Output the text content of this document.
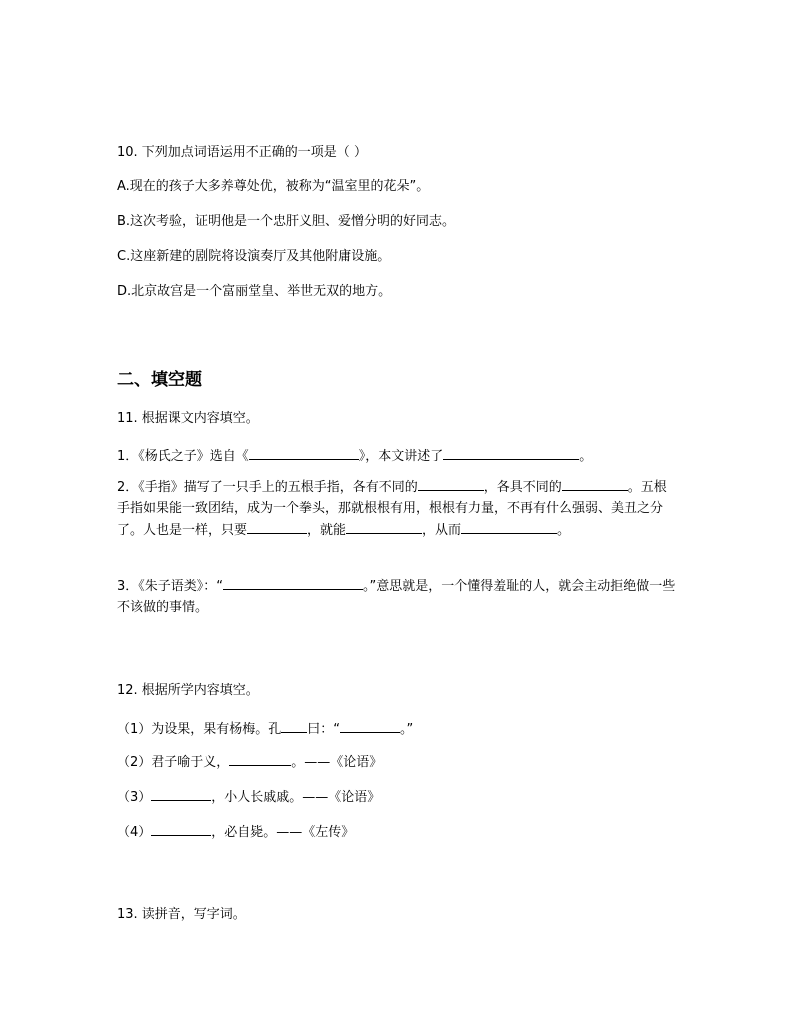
10. 下列加点词语运用不正确的一项是（ ）
A.现在的孩子大多养尊处优，被称为“温室里的花朵”。
B.这次考验，证明他是一个忠肝义胆、爱憎分明的好同志。
C.这座新建的剧院将设演奏厅及其他附庸设施。
D.北京故宫是一个富丽堂皇、举世无双的地方。
二、填空题
11. 根据课文内容填空。
1．《杨氏之子》选自《	》，本文讲述了	。
2．《手指》描写了一只手上的五根手指，各有不同的	，各具不同的	。五根手指如果能一致团结，成为一个拳头，那就根根有用，根根有力量，不再有什么强弱、美丑之分了。人也是一样，只要	，就能	，从而	。
3．《朱子语类》：“	。”意思就是，一个懂得羞耻的人，就会主动拒绝做一些不该做的事情。
12. 根据所学内容填空。
（1）为设果，果有杨梅。孔 曰：“	。”
（2）君子喻于义，	。——《论语》
（3）	，小人长戚戚。——《论语》
（4）	，必自毙。——《左传》
13. 读拼音，写字词。
